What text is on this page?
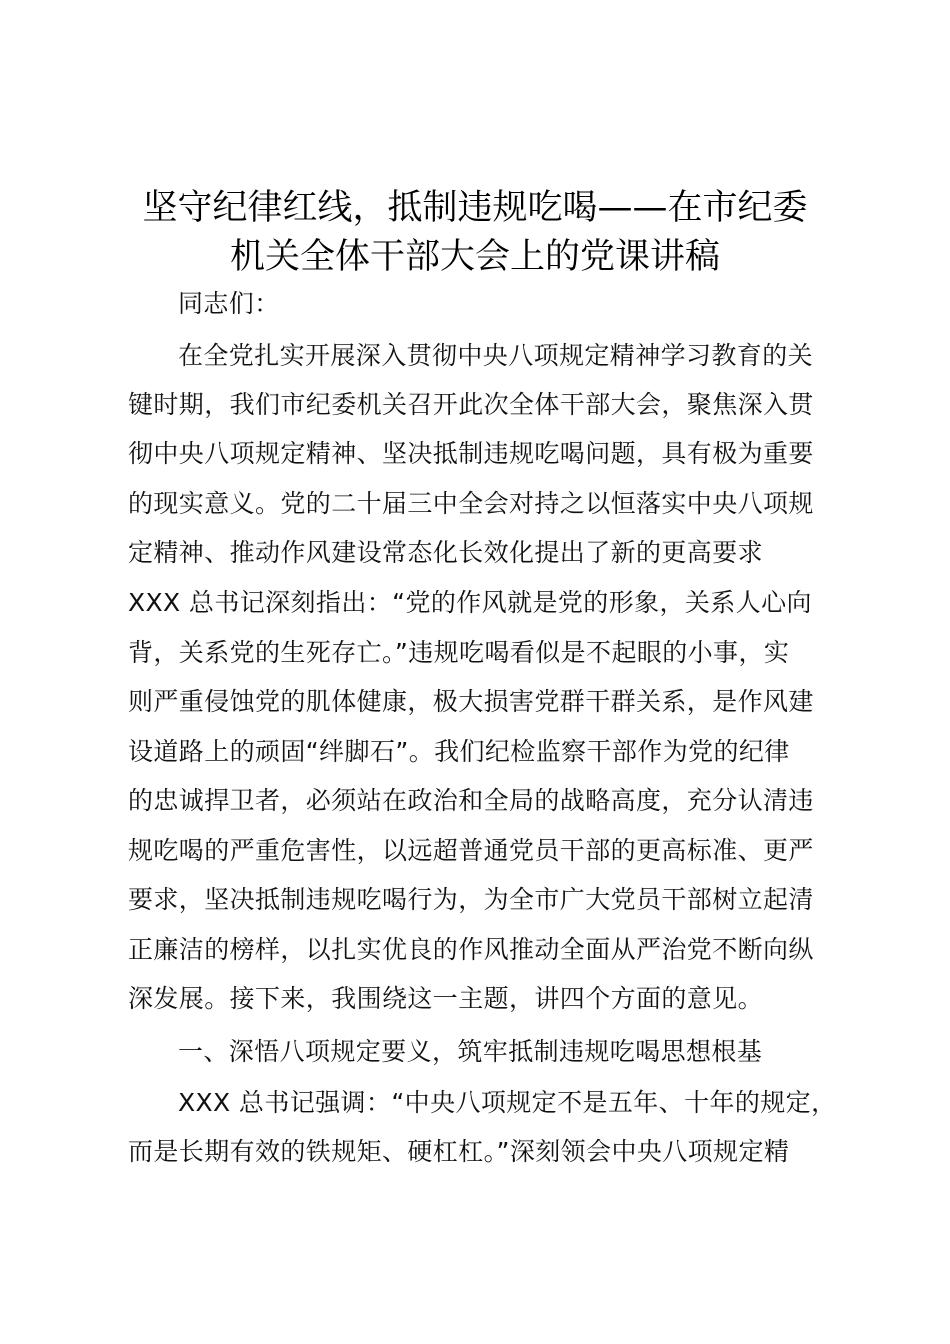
坚守纪律红线，抵制违规吃喝——在市纪委
机关全体干部大会上的党课讲稿
同志们：
在全党扎实开展深入贯彻中央八项规定精神学习教育的关
键时期，我们市纪委机关召开此次全体干部大会，聚焦深入贯
彻中央八项规定精神、坚决抵制违规吃喝问题，具有极为重要
的现实意义。党的二十届三中全会对持之以恒落实中央八项规
定精神、推动作风建设常态化长效化提出了新的更高要求
XXX 总书记深刻指出：“党的作风就是党的形象，关系人心向
背，关系党的生死存亡。”违规吃喝看似是不起眼的小事，实
则严重侵蚀党的肌体健康，极大损害党群干群关系，是作风建
设道路上的顽固“绊脚石”。我们纪检监察干部作为党的纪律
的忠诚捍卫者，必须站在政治和全局的战略高度，充分认清违
规吃喝的严重危害性，以远超普通党员干部的更高标准、更严
要求，坚决抵制违规吃喝行为，为全市广大党员干部树立起清
正廉洁的榜样，以扎实优良的作风推动全面从严治党不断向纵
深发展。接下来，我围绕这一主题，讲四个方面的意见。
一、深悟八项规定要义，筑牢抵制违规吃喝思想根基
XXX 总书记强调：“中央八项规定不是五年、十年的规定，
而是长期有效的铁规矩、硬杠杠。”深刻领会中央八项规定精
